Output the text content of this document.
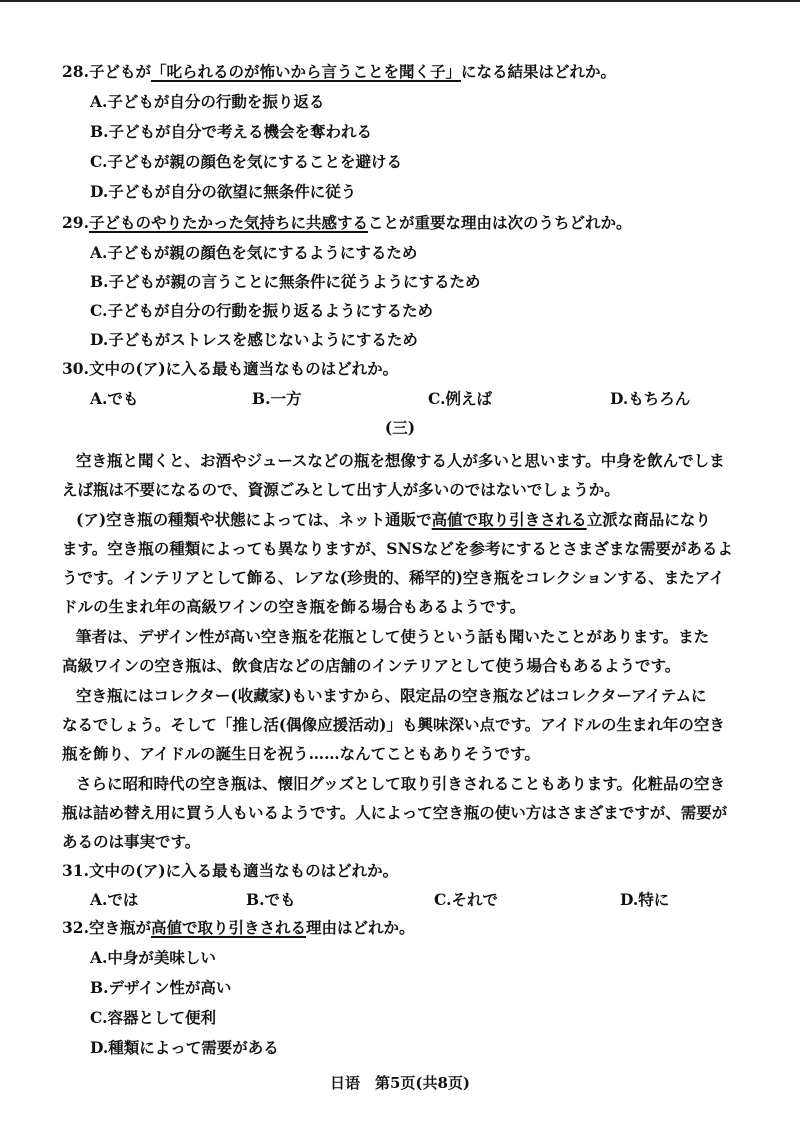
28.子どもが「叱られるのが怖いから言うことを聞く子」になる結果はどれか。
A.子どもが自分の行動を振り返る
B.子どもが自分で考える機会を奪われる
C.子どもが親の顔色を気にすることを避ける
D.子どもが自分の欲望に無条件に従う
29.子どものやりたかった気持ちに共感することが重要な理由は次のうちどれか。
A.子どもが親の顔色を気にするようにするため
B.子どもが親の言うことに無条件に従うようにするため
C.子どもが自分の行動を振り返るようにするため
D.子どもがストレスを感じないようにするため
30.文中の(ア)に入る最も適当なものはどれか。
A.でも	B.一方	C.例えば	D.もちろん
(三)
空き瓶と聞くと、お酒やジュースなどの瓶を想像する人が多いと思います。中身を飲んでしま
えば瓶は不要になるので、資源ごみとして出す人が多いのではないでしょうか。
(ア)空き瓶の種類や状態によっては、ネット通販で高値で取り引きされる立派な商品になり
ます。空き瓶の種類によっても異なりますが、SNSなどを参考にするとさまざまな需要があるよ
うです。インテリアとして飾る、レアな(珍贵的、稀罕的)空き瓶をコレクションする、またアイ
ドルの生まれ年の高級ワインの空き瓶を飾る場合もあるようです。
筆者は、デザイン性が高い空き瓶を花瓶として使うという話も聞いたことがあります。また
高級ワインの空き瓶は、飲食店などの店舗のインテリアとして使う場合もあるようです。
空き瓶にはコレクター(收藏家)もいますから、限定品の空き瓶などはコレクターアイテムに
なるでしょう。そして「推し活(偶像应援活动)」も興味深い点です。アイドルの生まれ年の空き
瓶を飾り、アイドルの誕生日を祝う……なんてこともありそうです。
さらに昭和時代の空き瓶は、懐旧グッズとして取り引きされることもあります。化粧品の空き
瓶は詰め替え用に買う人もいるようです。人によって空き瓶の使い方はさまざまですが、需要が
あるのは事実です。
31.文中の(ア)に入る最も適当なものはどれか。
A.では	B.でも	C.それで	D.特に
32.空き瓶が高値で取り引きされる理由はどれか。
A.中身が美味しい
B.デザイン性が高い
C.容器として便利
D.種類によって需要がある
日语　第5页(共8页)
